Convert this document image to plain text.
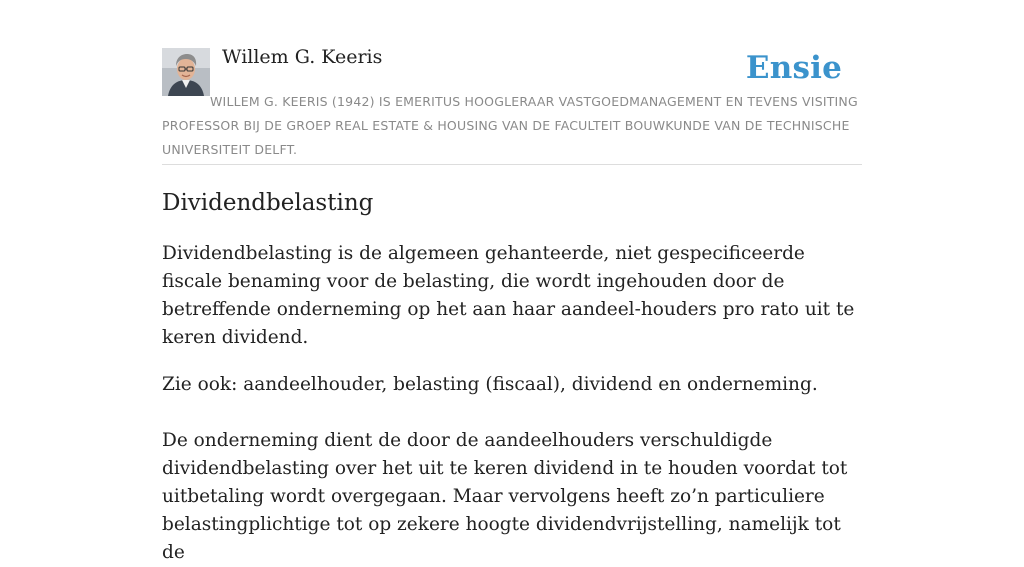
Willem G. Keeris	Ensie
WILLEM G. KEERIS (1942) IS EMERITUS HOOGLERAAR VASTGOEDMANAGEMENT EN TEVENS VISITING PROFESSOR BIJ DE GROEP REAL ESTATE & HOUSING VAN DE FACULTEIT BOUWKUNDE VAN DE TECHNISCHE UNIVERSITEIT DELFT.
Dividendbelasting

Dividendbelasting is de algemeen gehanteerde, niet gespecificeerde fiscale benaming voor de belasting, die wordt ingehouden door de betreffende onderneming op het aan haar aandeel-houders pro rato uit te keren dividend.

Zie ook: aandeelhouder, belasting (fiscaal), dividend en onderneming.

De onderneming dient de door de aandeelhouders verschuldigde dividendbelasting over het uit te keren dividend in te houden voordat tot uitbetaling wordt overgegaan. Maar vervolgens heeft zo’n particuliere belastingplichtige tot op zekere hoogte dividendvrijstelling, namelijk tot de
